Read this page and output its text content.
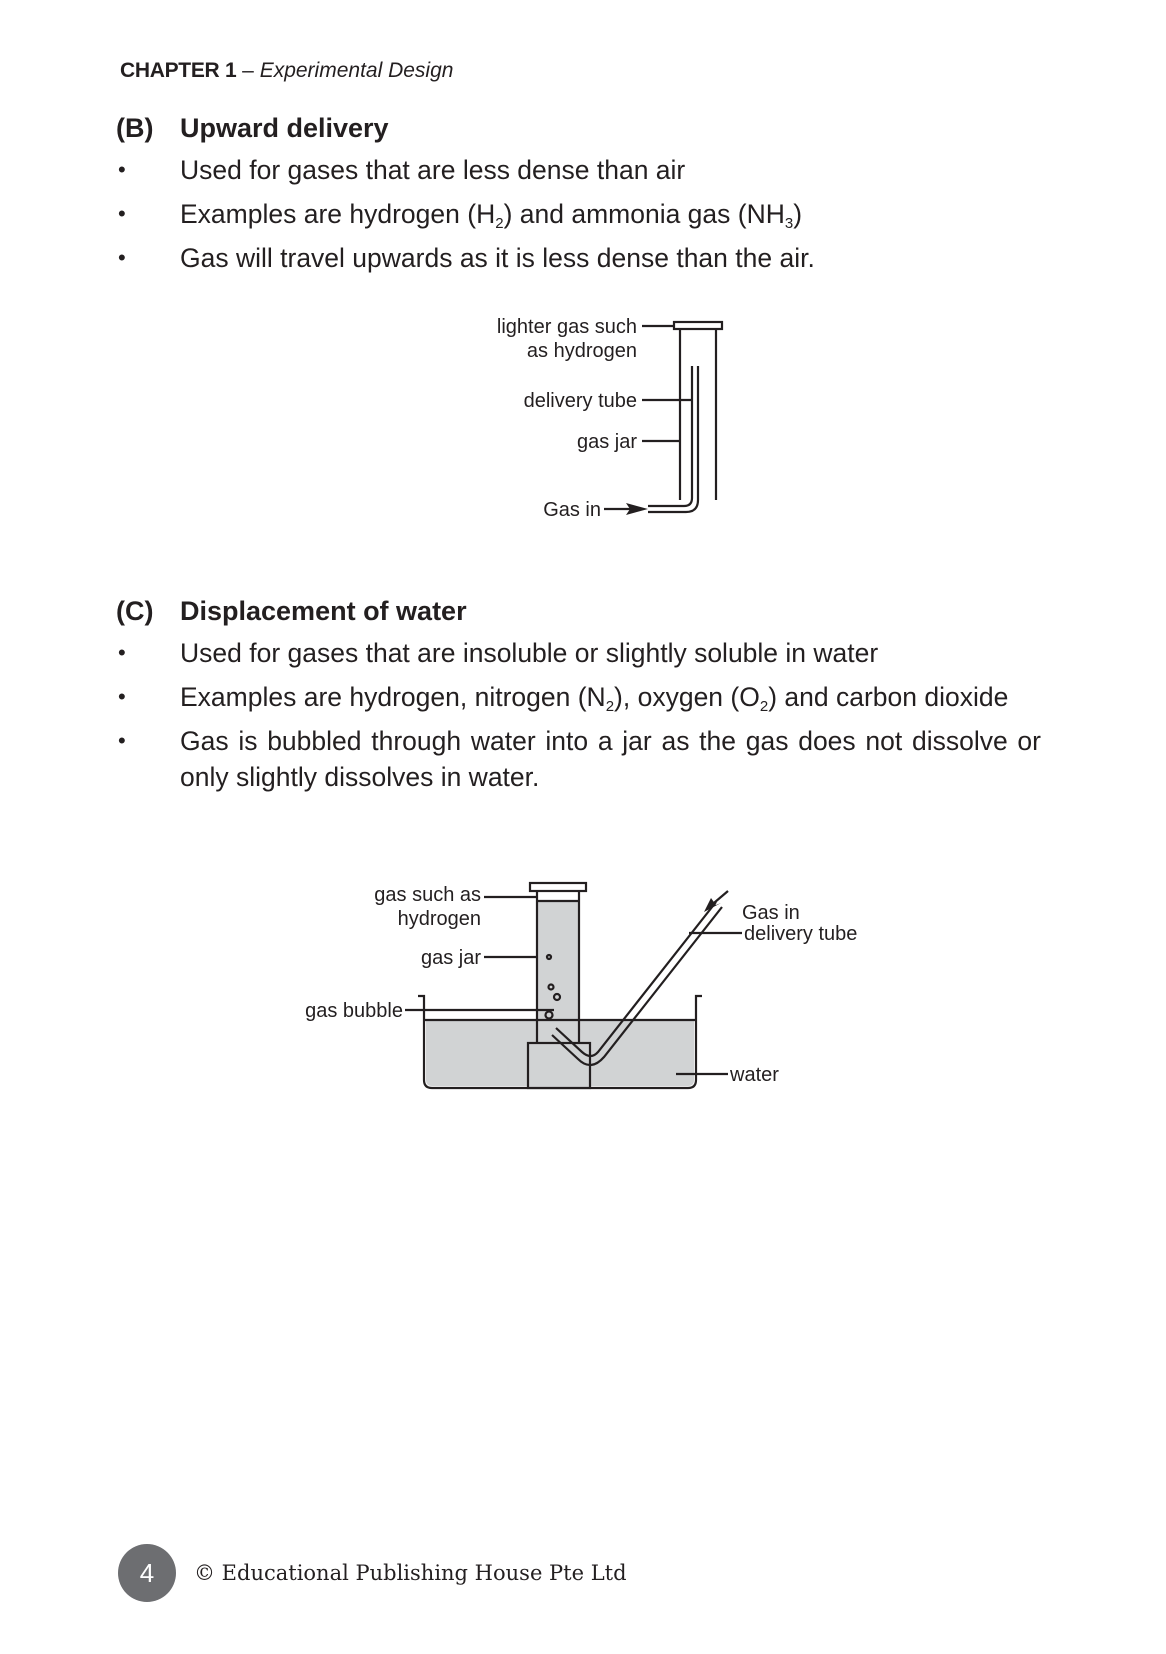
CHAPTER 1 – Experimental Design
(B) Upward delivery
• Used for gases that are less dense than air
• Examples are hydrogen $(H_2)$ and ammonia gas $(NH_3)$
• Gas will travel upwards as it is less dense than the air.
lighter gas such
as hydrogen
delivery tube
gas jar
Gas in
(C) Displacement of water
• Used for gases that are insoluble or slightly soluble in water
• Examples are hydrogen, nitrogen $(N_2)$, oxygen $(O_2)$ and carbon dioxide
• Gas is bubbled through water into a jar as the gas does not dissolve or only slightly dissolves in water.
gas such as
hydrogen
gas jar
gas bubble
Gas in
delivery tube
water
4	© Educational Publishing House Pte Ltd
